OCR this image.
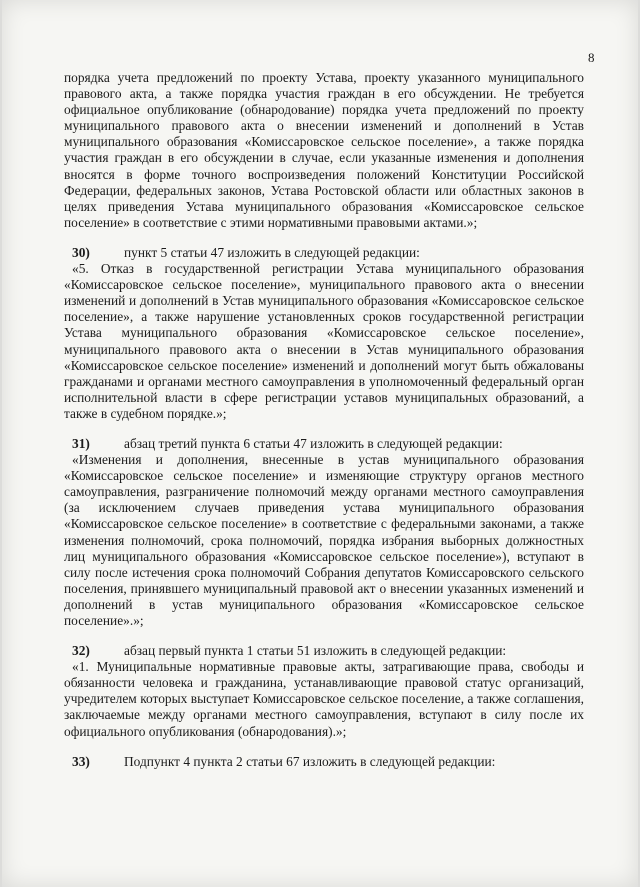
8

порядка учета предложений по проекту Устава, проекту указанного муниципального правового акта, а также порядка участия граждан в его обсуждении. Не требуется официальное опубликование (обнародование) порядка учета предложений по проекту муниципального правового акта о внесении изменений и дополнений в Устав муниципального образования «Комиссаровское сельское поселение», а также порядка участия граждан в его обсуждении в случае, если указанные изменения и дополнения вносятся в форме точного воспроизведения положений Конституции Российской Федерации, федеральных законов, Устава Ростовской области или областных законов в целях приведения Устава муниципального образования «Комиссаровское сельское поселение» в соответствие с этими нормативными правовыми актами.»;

30)	пункт 5 статьи 47 изложить в следующей редакции:

«5. Отказ в государственной регистрации Устава муниципального образования «Комиссаровское сельское поселение», муниципального правового акта о внесении изменений и дополнений в Устав муниципального образования «Комиссаровское сельское поселение», а также нарушение установленных сроков государственной регистрации Устава муниципального образования «Комиссаровское сельское поселение», муниципального правового акта о внесении в Устав муниципального образования «Комиссаровское сельское поселение» изменений и дополнений могут быть обжалованы гражданами и органами местного самоуправления в уполномоченный федеральный орган исполнительной власти в сфере регистрации уставов муниципальных образований, а также в судебном порядке.»;

31)	абзац третий пункта 6 статьи 47 изложить в следующей редакции:

«Изменения и дополнения, внесенные в устав муниципального образования «Комиссаровское сельское поселение» и изменяющие структуру органов местного самоуправления, разграничение полномочий между органами местного самоуправления (за исключением случаев приведения устава муниципального образования «Комиссаровское сельское поселение» в соответствие с федеральными законами, а также изменения полномочий, срока полномочий, порядка избрания выборных должностных лиц муниципального образования «Комиссаровское сельское поселение»), вступают в силу после истечения срока полномочий Собрания депутатов Комиссаровского сельского поселения, принявшего муниципальный правовой акт о внесении указанных изменений и дополнений в устав муниципального образования «Комиссаровское сельское поселение».»;

32)	абзац первый пункта 1 статьи 51 изложить в следующей редакции:

«1. Муниципальные нормативные правовые акты, затрагивающие права, свободы и обязанности человека и гражданина, устанавливающие правовой статус организаций, учредителем которых выступает Комиссаровское сельское поселение, а также соглашения, заключаемые между органами местного самоуправления, вступают в силу после их официального опубликования (обнародования).»;

33)	Подпункт 4 пункта 2 статьи 67 изложить в следующей редакции:
